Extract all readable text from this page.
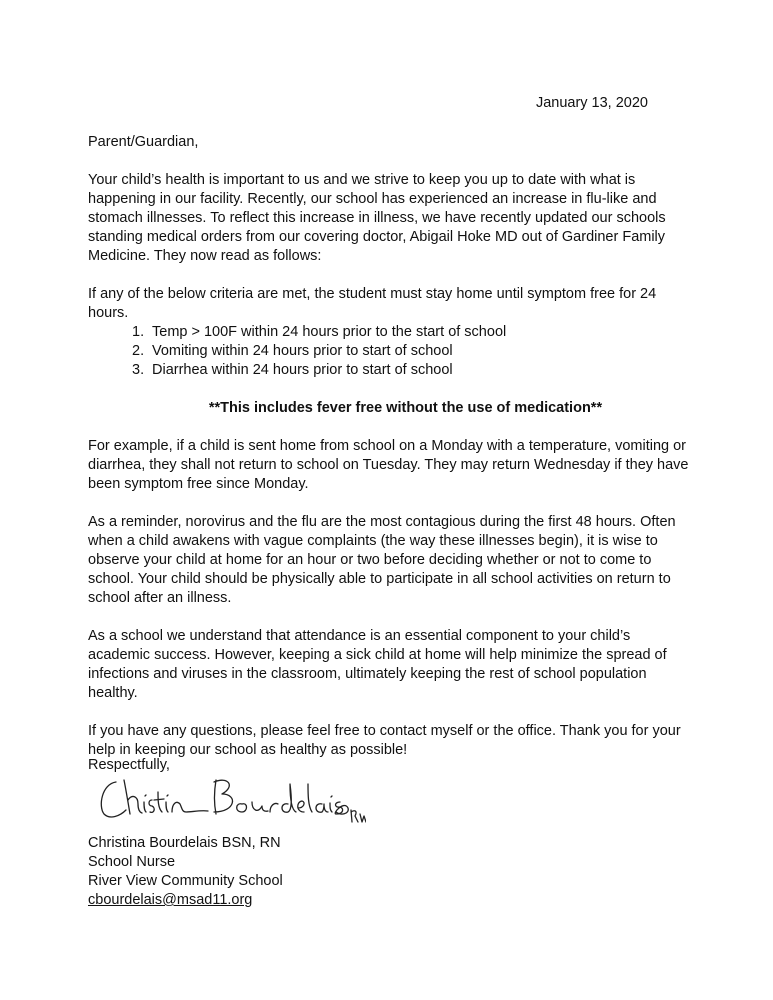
January 13, 2020

Parent/Guardian,

Your child’s health is important to us and we strive to keep you up to date with what is happening in our facility. Recently, our school has experienced an increase in flu-like and stomach illnesses. To reflect this increase in illness, we have recently updated our schools standing medical orders from our covering doctor, Abigail Hoke MD out of Gardiner Family Medicine. They now read as follows:

If any of the below criteria are met, the student must stay home until symptom free for 24 hours.

1. Temp > 100F within 24 hours prior to the start of school
2. Vomiting within 24 hours prior to start of school
3. Diarrhea within 24 hours prior to start of school

**This includes fever free without the use of medication**

For example, if a child is sent home from school on a Monday with a temperature, vomiting or diarrhea, they shall not return to school on Tuesday. They may return Wednesday if they have been symptom free since Monday.

As a reminder, norovirus and the flu are the most contagious during the first 48 hours. Often when a child awakens with vague complaints (the way these illnesses begin), it is wise to observe your child at home for an hour or two before deciding whether or not to come to school. Your child should be physically able to participate in all school activities on return to school after an illness.

As a school we understand that attendance is an essential component to your child’s academic success. However, keeping a sick child at home will help minimize the spread of infections and viruses in the classroom, ultimately keeping the rest of school population healthy.

If you have any questions, please feel free to contact myself or the office. Thank you for your help in keeping our school as healthy as possible!

Respectfully,
Christina Bourdelais BSN, RN
School Nurse
River View Community School
cbourdelais@msad11.org
